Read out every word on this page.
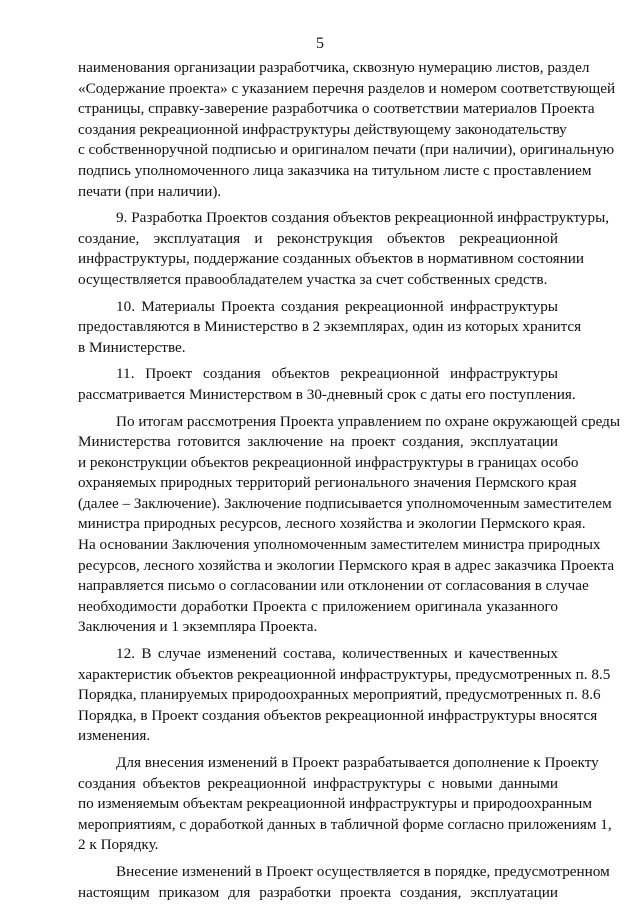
5

наименования организации разработчика, сквозную нумерацию листов, раздел
«Содержание проекта» с указанием перечня разделов и номером соответствующей
страницы, справку-заверение разработчика о соответствии материалов Проекта
создания рекреационной инфраструктуры действующему законодательству
с собственноручной подписью и оригиналом печати (при наличии), оригинальную
подпись уполномоченного лица заказчика на титульном листе с проставлением
печати (при наличии).

9. Разработка Проектов создания объектов рекреационной инфраструктуры,
создание, эксплуатация и реконструкция объектов рекреационной
инфраструктуры, поддержание созданных объектов в нормативном состоянии
осуществляется правообладателем участка за счет собственных средств.

10. Материалы Проекта создания рекреационной инфраструктуры
предоставляются в Министерство в 2 экземплярах, один из которых хранится
в Министерстве.

11. Проект создания объектов рекреационной инфраструктуры
рассматривается Министерством в 30-дневный срок с даты его поступления.

По итогам рассмотрения Проекта управлением по охране окружающей среды
Министерства готовится заключение на проект создания, эксплуатации
и реконструкции объектов рекреационной инфраструктуры в границах особо
охраняемых природных территорий регионального значения Пермского края
(далее – Заключение). Заключение подписывается уполномоченным заместителем
министра природных ресурсов, лесного хозяйства и экологии Пермского края.
На основании Заключения уполномоченным заместителем министра природных
ресурсов, лесного хозяйства и экологии Пермского края в адрес заказчика Проекта
направляется письмо о согласовании или отклонении от согласования в случае
необходимости доработки Проекта с приложением оригинала указанного
Заключения и 1 экземпляра Проекта.

12. В случае изменений состава, количественных и качественных
характеристик объектов рекреационной инфраструктуры, предусмотренных п. 8.5
Порядка, планируемых природоохранных мероприятий, предусмотренных п. 8.6
Порядка, в Проект создания объектов рекреационной инфраструктуры вносятся
изменения.

Для внесения изменений в Проект разрабатывается дополнение к Проекту
создания объектов рекреационной инфраструктуры с новыми данными
по изменяемым объектам рекреационной инфраструктуры и природоохранным
мероприятиям, с доработкой данных в табличной форме согласно приложениям 1,
2 к Порядку.

Внесение изменений в Проект осуществляется в порядке, предусмотренном
настоящим приказом для разработки проекта создания, эксплуатации
